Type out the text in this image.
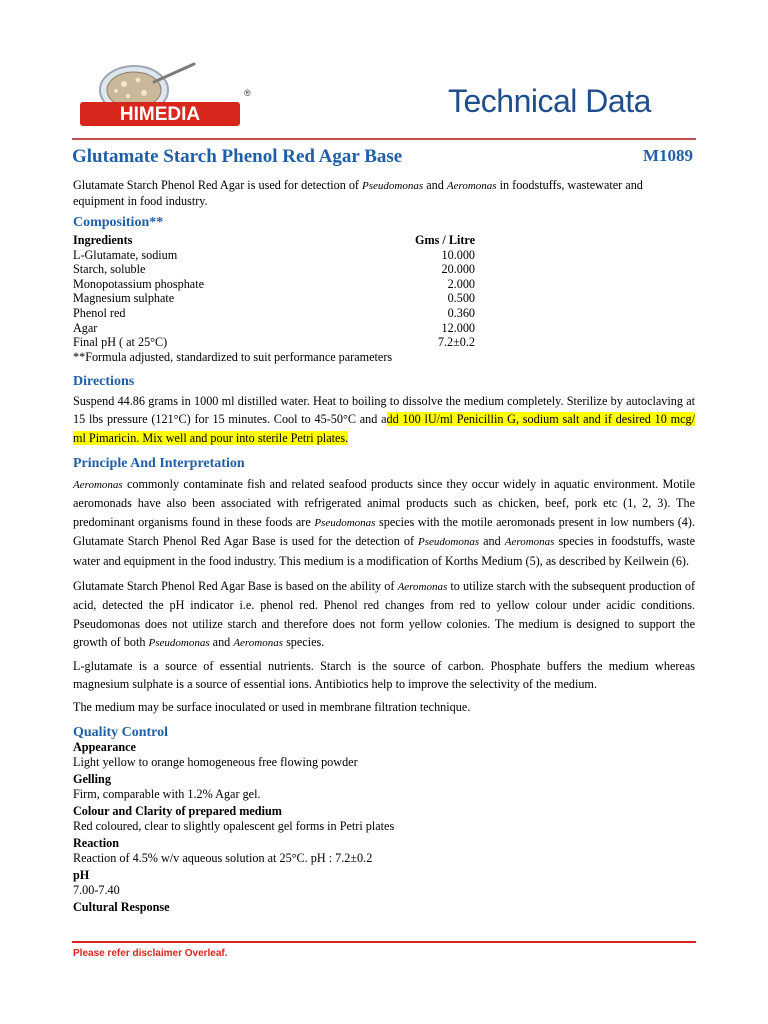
HIMEDIA
®	Technical Data
Glutamate Starch Phenol Red Agar Base	M1089

Glutamate Starch Phenol Red Agar is used for detection of Pseudomonas and Aeromonas in foodstuffs, wastewater and equipment in food industry.

Composition**
Ingredients	Gms / Litre
L-Glutamate, sodium	10.000
Starch, soluble	20.000
Monopotassium phosphate	2.000
Magnesium sulphate	0.500
Phenol red	0.360
Agar	12.000
Final pH ( at 25°C)	7.2±0.2

**Formula adjusted, standardized to suit performance parameters

Directions

Suspend 44.86 grams in 1000 ml distilled water. Heat to boiling to dissolve the medium completely. Sterilize by autoclaving at 15 lbs pressure (121°C) for 15 minutes. Cool to 45-50°C and add 100 lU/ml Penicillin G, sodium salt and if desired 10 mcg/ ml Pimaricin. Mix well and pour into sterile Petri plates.

Principle And Interpretation

Aeromonas commonly contaminate fish and related seafood products since they occur widely in aquatic environment. Motile aeromonads have also been associated with refrigerated animal products such as chicken, beef, pork etc (1, 2, 3). The predominant organisms found in these foods are Pseudomonas species with the motile aeromonads present in low numbers (4). Glutamate Starch Phenol Red Agar Base is used for the detection of Pseudomonas and Aeromonas species in foodstuffs, waste water and equipment in the food industry. This medium is a modification of Korths Medium (5), as described by Keilwein (6).

Glutamate Starch Phenol Red Agar Base is based on the ability of Aeromonas to utilize starch with the subsequent production of acid, detected the pH indicator i.e. phenol red. Phenol red changes from red to yellow colour under acidic conditions. Pseudomonas does not utilize starch and therefore does not form yellow colonies. The medium is designed to support the growth of both Pseudomonas and Aeromonas species.

L-glutamate is a source of essential nutrients. Starch is the source of carbon. Phosphate buffers the medium whereas magnesium sulphate is a source of essential ions. Antibiotics help to improve the selectivity of the medium.

The medium may be surface inoculated or used in membrane filtration technique.

Quality Control
Appearance
Light yellow to orange homogeneous free flowing powder
Gelling
Firm, comparable with 1.2% Agar gel.
Colour and Clarity of prepared medium
Red coloured, clear to slightly opalescent gel forms in Petri plates
Reaction
Reaction of 4.5% w/v aqueous solution at 25°C. pH : 7.2±0.2
pH
7.00-7.40
Cultural Response
Please refer disclaimer Overleaf.
